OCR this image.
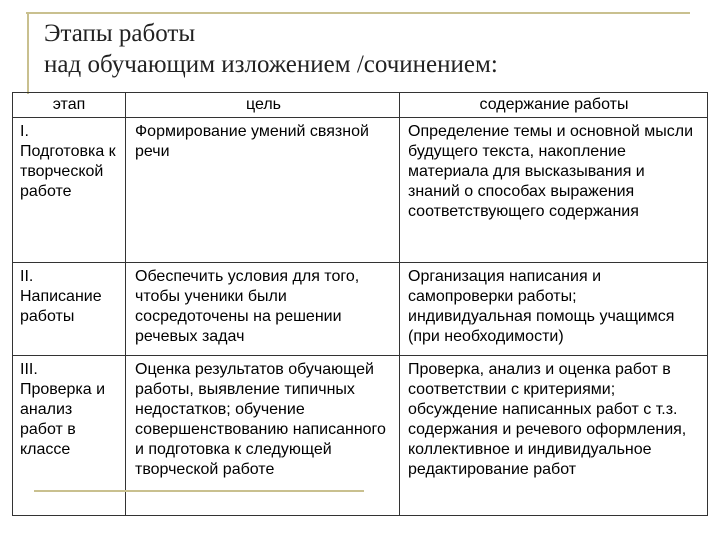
Этапы работы
над обучающим изложением /сочинением:
этап	цель	содержание работы

I.
Подготовка к творческой работе	Формирование умений связной речи	Определение темы и основной мысли будущего текста, накопление материала для высказывания и знаний о способах выражения соответствующего содержания

II.
Написание работы	Обеспечить условия для того, чтобы ученики были сосредоточены на решении речевых задач	Организация написания и самопроверки работы; индивидуальная помощь учащимся (при необходимости)

III.
Проверка и анализ работ в классе	Оценка результатов обучающей работы, выявление типичных недостатков; обучение совершенствованию написанного и подготовка к следующей творческой работе	Проверка, анализ и оценка работ в соответствии с критериями; обсуждение написанных работ с т.з. содержания и речевого оформления, коллективное и индивидуальное редактирование работ
